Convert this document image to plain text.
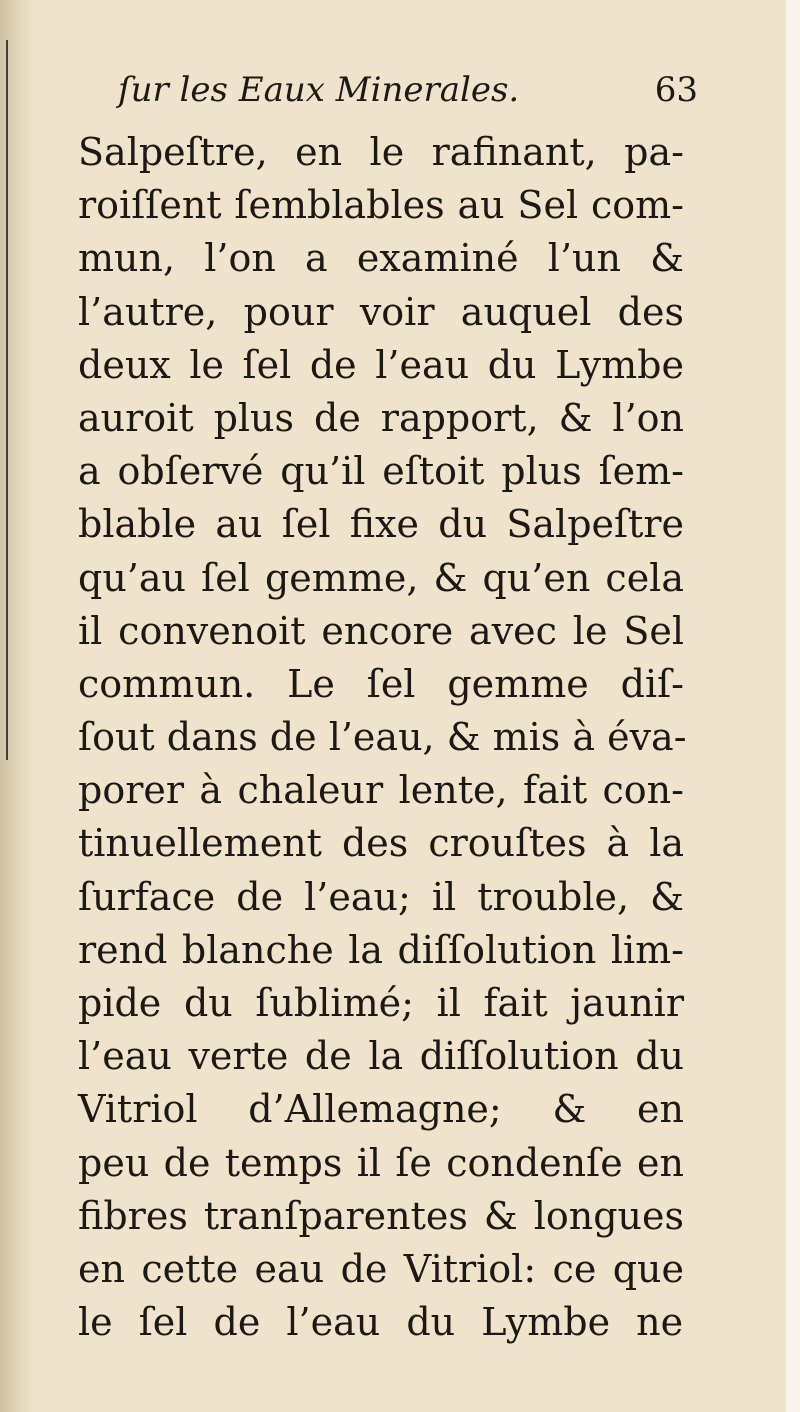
ſur les Eaux Minerales.	63
Salpeſtre, en le rafinant, pa-
roiſſent ſemblables au Sel com-
mun, l’on a examiné l’un &
l’autre, pour voir auquel des
deux le ſel de l’eau du Lymbe
auroit plus de rapport, & l’on
a obſervé qu’il eſtoit plus ſem-
blable au ſel fixe du Salpeſtre
qu’au ſel gemme, & qu’en cela
il convenoit encore avec le Sel
commun. Le ſel gemme diſ-
ſout dans de l’eau, & mis à éva-
porer à chaleur lente, fait con-
tinuellement des crouſtes à la
ſurface de l’eau; il trouble, &
rend blanche la diſſolution lim-
pide du ſublimé; il fait jaunir
l’eau verte de la diſſolution du
Vitriol d’Allemagne; & en
peu de temps il ſe condenſe en
fibres tranſparentes & longues
en cette eau de Vitriol: ce que
le ſel de l’eau du Lymbe ne
